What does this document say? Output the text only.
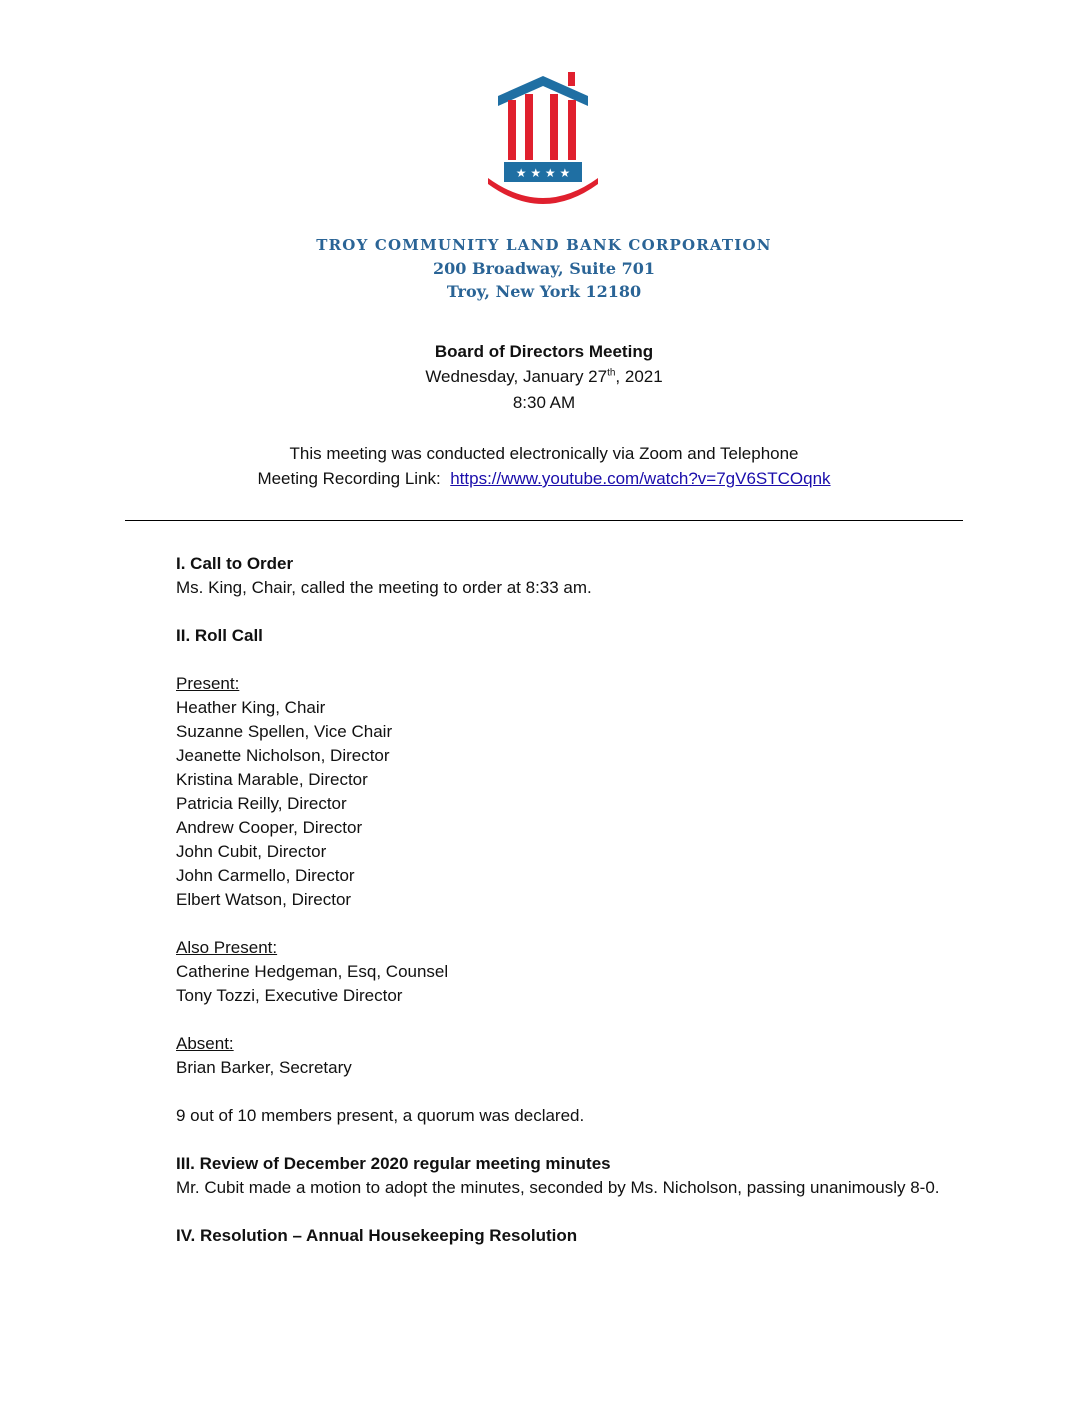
★ ★ ★ ★
TROY COMMUNITY LAND BANK CORPORATION
200 Broadway, Suite 701
Troy, New York 12180
Board of Directors Meeting
Wednesday, January 27th, 2021
8:30 AM
This meeting was conducted electronically via Zoom and Telephone
Meeting Recording Link: https://www.youtube.com/watch?v=7gV6STCOqnk

I. Call to Order

Ms. King, Chair, called the meeting to order at 8:33 am.

II. Roll Call

Present:

Heather King, Chair

Suzanne Spellen, Vice Chair

Jeanette Nicholson, Director

Kristina Marable, Director

Patricia Reilly, Director

Andrew Cooper, Director

John Cubit, Director

John Carmello, Director

Elbert Watson, Director

Also Present:

Catherine Hedgeman, Esq, Counsel

Tony Tozzi, Executive Director

Absent:

Brian Barker, Secretary

9 out of 10 members present, a quorum was declared.

III. Review of December 2020 regular meeting minutes

Mr. Cubit made a motion to adopt the minutes, seconded by Ms. Nicholson, passing unanimously 8-0.

IV. Resolution – Annual Housekeeping Resolution
